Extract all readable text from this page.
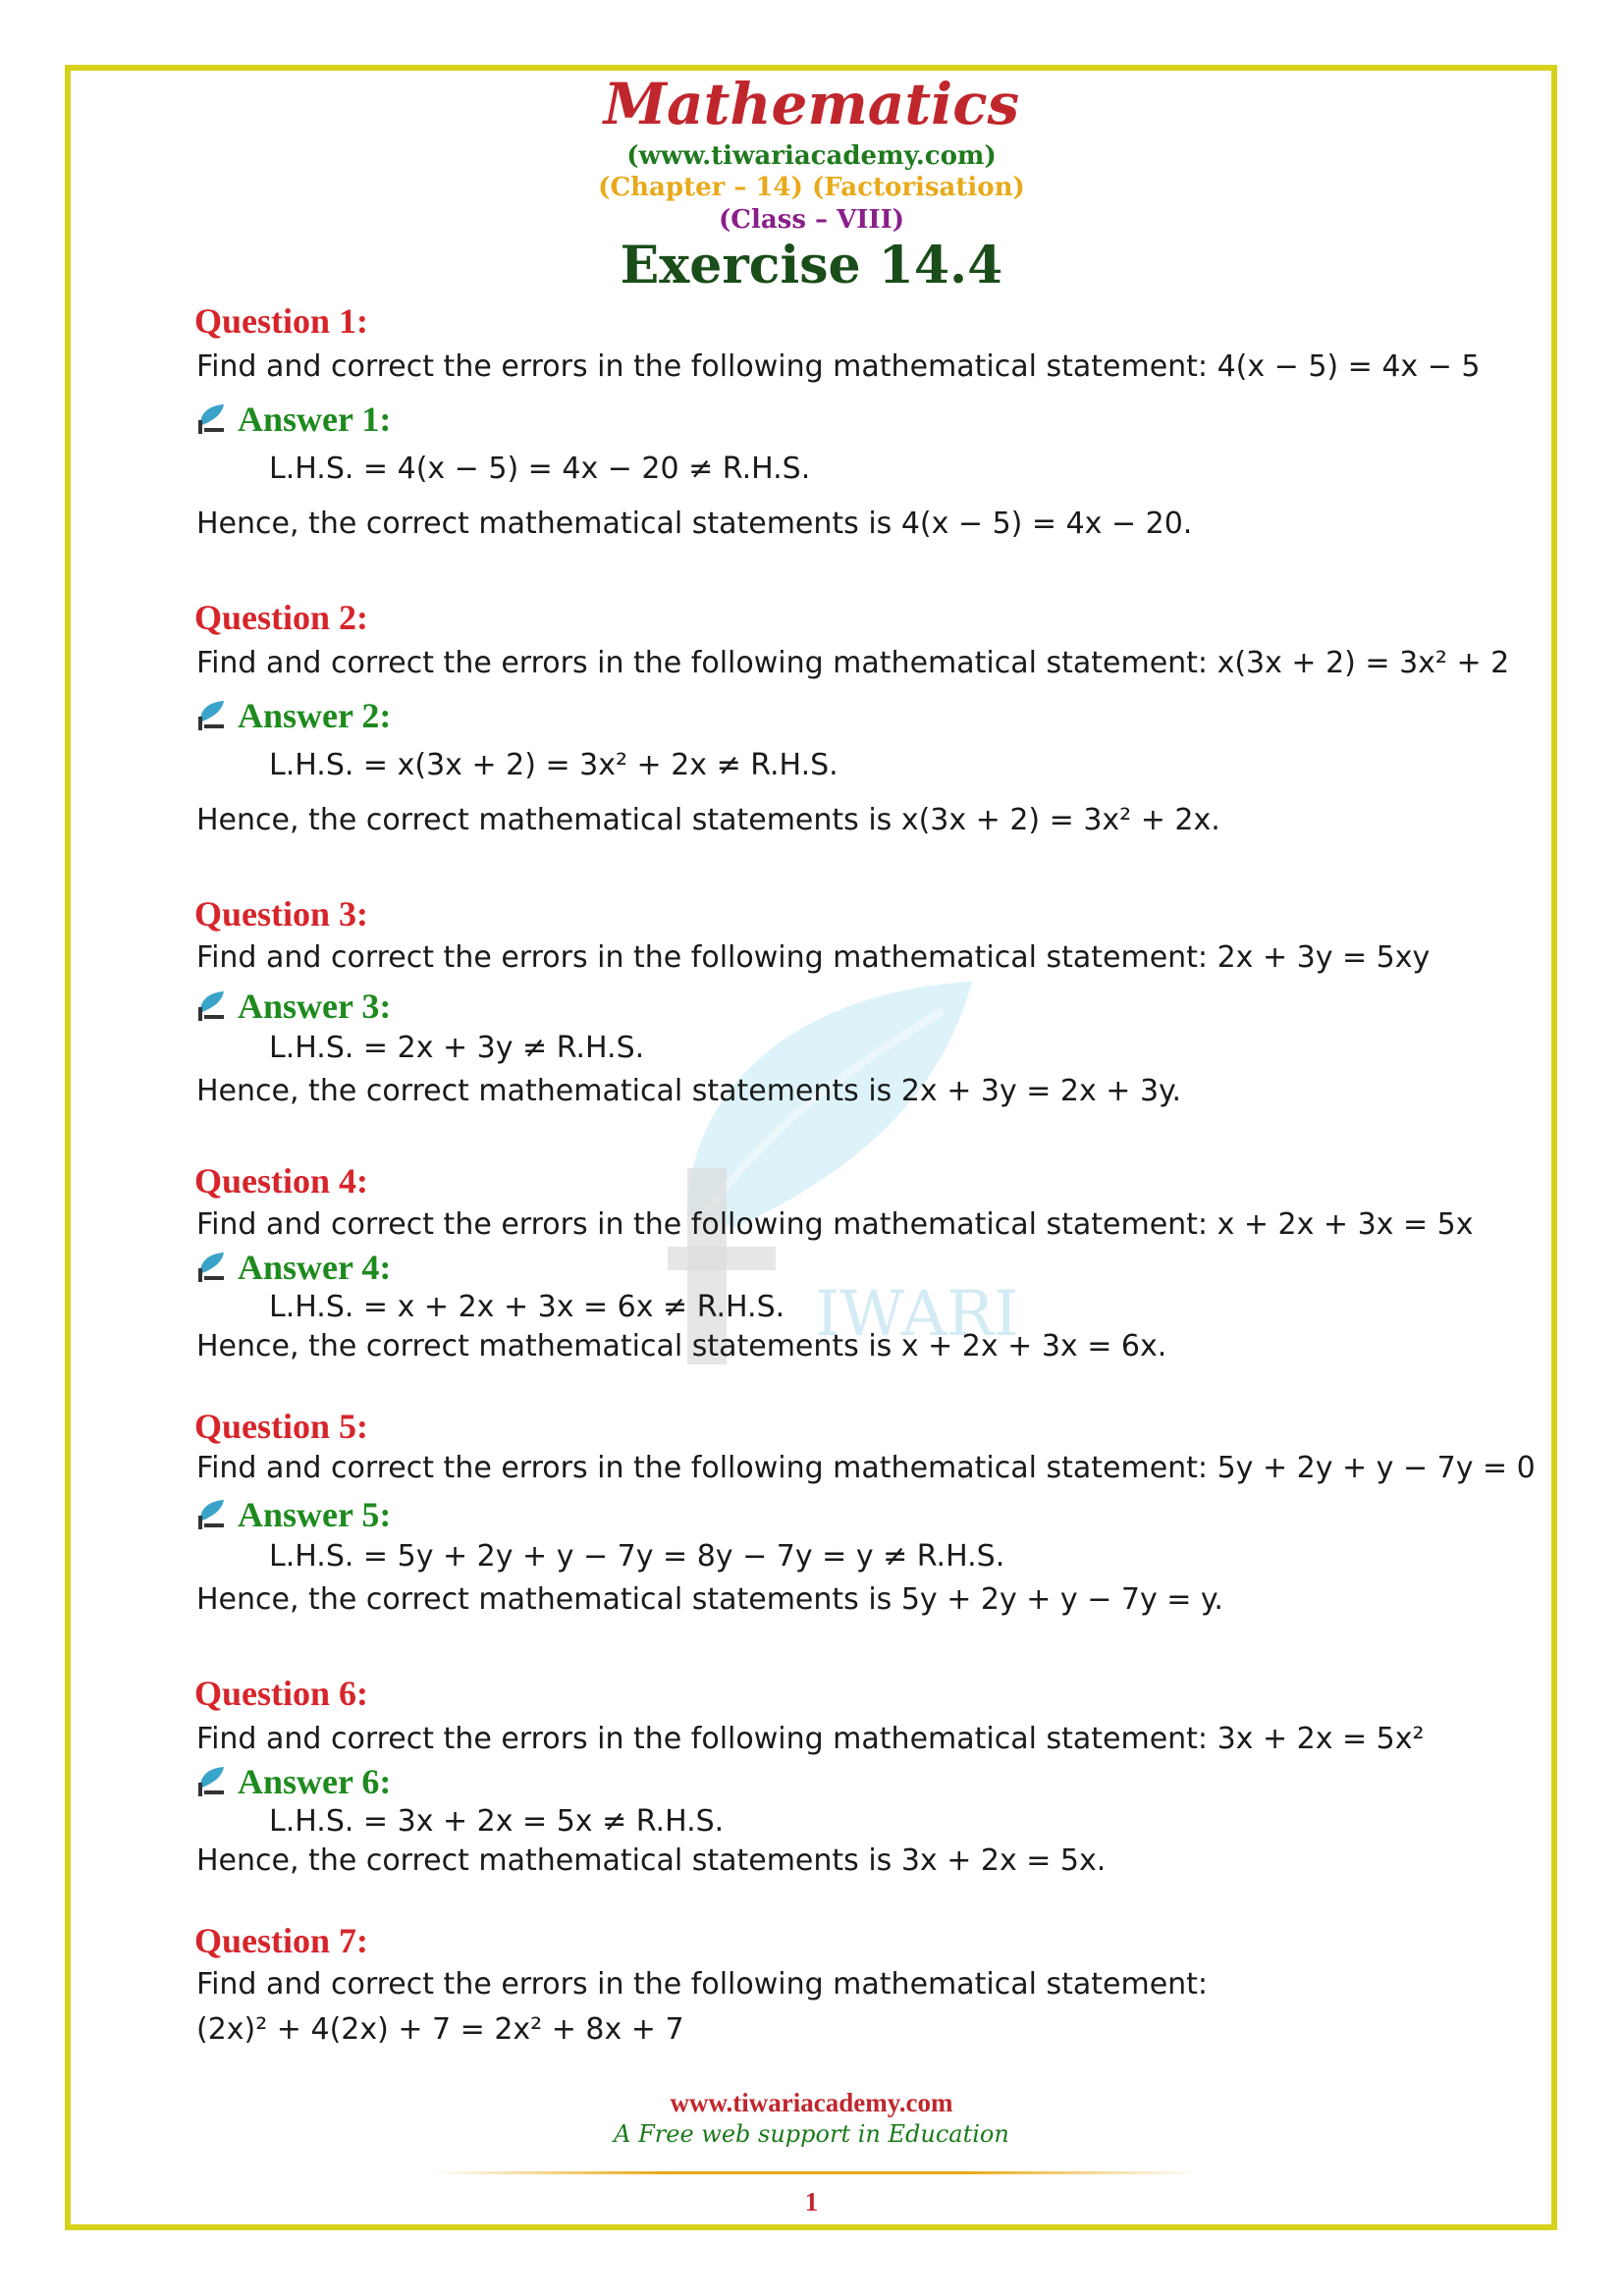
IWARI
Mathematics
(www.tiwariacademy.com)
(Chapter – 14) (Factorisation)
(Class – VIII)
Exercise 14.4
Question 1:
Find and correct the errors in the following mathematical statement: 4(x − 5) = 4x − 5
Answer 1:
L.H.S. = 4(x − 5) = 4x − 20 ≠ R.H.S.
Hence, the correct mathematical statements is 4(x − 5) = 4x − 20.
Question 2:
Find and correct the errors in the following mathematical statement: x(3x + 2) = 3x² + 2
Answer 2:
L.H.S. = x(3x + 2) = 3x² + 2x ≠ R.H.S.
Hence, the correct mathematical statements is x(3x + 2) = 3x² + 2x.
Question 3:
Find and correct the errors in the following mathematical statement: 2x + 3y = 5xy
Answer 3:
L.H.S. = 2x + 3y ≠ R.H.S.
Hence, the correct mathematical statements is 2x + 3y = 2x + 3y.
Question 4:
Find and correct the errors in the following mathematical statement: x + 2x + 3x = 5x
Answer 4:
L.H.S. = x + 2x + 3x = 6x ≠ R.H.S.
Hence, the correct mathematical statements is x + 2x + 3x = 6x.
Question 5:
Find and correct the errors in the following mathematical statement: 5y + 2y + y − 7y = 0
Answer 5:
L.H.S. = 5y + 2y + y − 7y = 8y − 7y = y ≠ R.H.S.
Hence, the correct mathematical statements is 5y + 2y + y − 7y = y.
Question 6:
Find and correct the errors in the following mathematical statement: 3x + 2x = 5x²
Answer 6:
L.H.S. = 3x + 2x = 5x ≠ R.H.S.
Hence, the correct mathematical statements is 3x + 2x = 5x.
Question 7:
Find and correct the errors in the following mathematical statement:
(2x)² + 4(2x) + 7 = 2x² + 8x + 7
www.tiwariacademy.com
A Free web support in Education
1
